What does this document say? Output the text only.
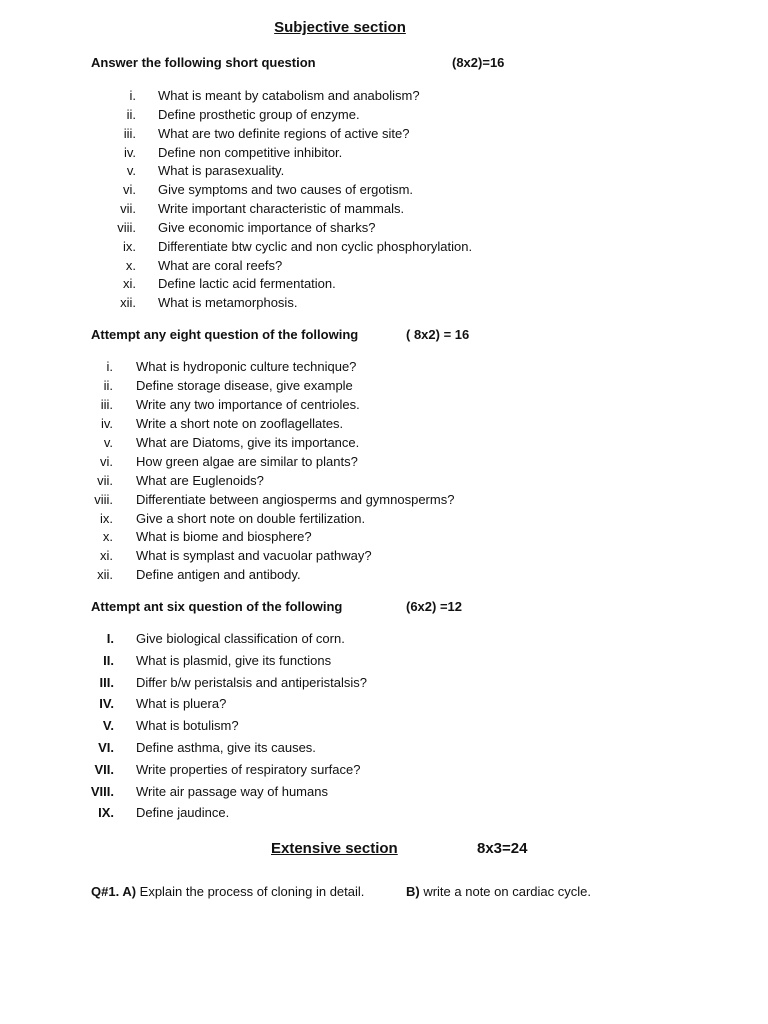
Subjective section
Answer the following short question	(8x2)=16
i. What is meant by catabolism and anabolism?
ii. Define prosthetic group of enzyme.
iii. What are two definite regions of active site?
iv. Define non competitive inhibitor.
v. What is parasexuality.
vi. Give symptoms and two causes of ergotism.
vii. Write important characteristic of mammals.
viii. Give economic importance of sharks?
ix. Differentiate btw cyclic and non cyclic phosphorylation.
x. What are coral reefs?
xi. Define lactic acid fermentation.
xii. What is metamorphosis.
Attempt any eight question of the following	( 8x2) = 16
i. What is hydroponic culture technique?
ii. Define storage disease, give example
iii. Write any two importance of centrioles.
iv. Write a short note on zooflagellates.
v. What are Diatoms, give its importance.
vi. How green algae are similar to plants?
vii. What are Euglenoids?
viii. Differentiate between angiosperms and gymnosperms?
ix. Give a short note on double fertilization.
x. What is biome and biosphere?
xi. What is symplast and vacuolar pathway?
xii. Define antigen and antibody.
Attempt ant six question of the following	(6x2) =12
I. Give biological classification of corn.
II. What is plasmid, give its functions
III. Differ b/w peristalsis and antiperistalsis?
IV. What is pluera?
V. What is botulism?
VI. Define asthma, give its causes.
VII. Write properties of respiratory surface?
VIII. Write air passage way of humans
IX. Define jaudince.
Extensive section	8x3=24
Q#1. A) Explain the process of cloning in detail.	B) write a note on cardiac cycle.
